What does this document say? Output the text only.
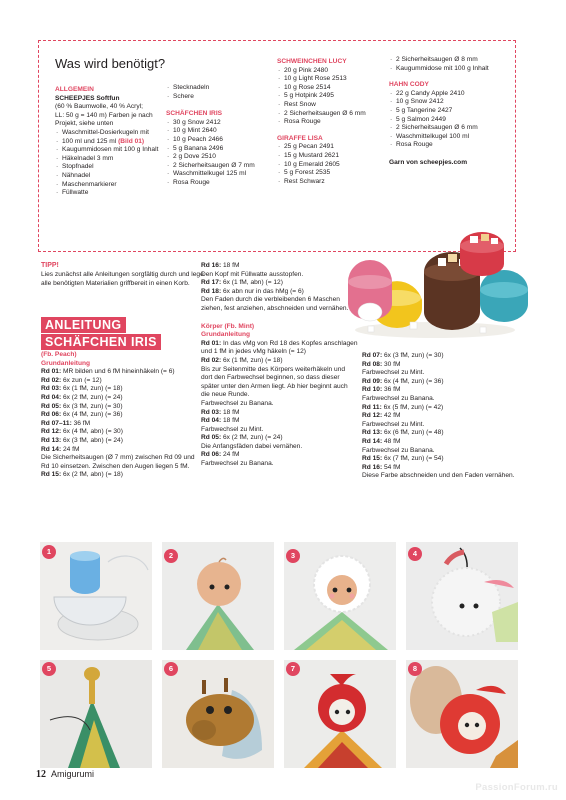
Was wird benötigt?
ALLGEMEIN
SCHEEPJES Softfun
(60 % Baumwolle, 40 % Acryl;
LL: 50 g = 140 m) Farben je nach
Projekt, siehe unten
· Waschmittel-Dosierkugeln mit
· 100 ml und 125 ml (Bild 01)
· Kaugummidosen mit 100 g Inhalt
· Häkelnadel 3 mm
· Stopfnadel
· Nähnadel
· Maschenmarkierer
· Füllwatte
· Stecknadeln
· Schere
SCHÄFCHEN IRIS
· 30 g Snow 2412
· 10 g Mint 2640
· 10 g Peach 2466
· 5 g Banana 2496
· 2 g Dove 2510
· 2 Sicherheitsaugen Ø 7 mm
· Waschmittelkugel 125 ml
· Rosa Rouge
SCHWEINCHEN LUCY
· 20 g Pink 2480
· 10 g Light Rose 2513
· 10 g Rose 2514
· 5 g Hotpink 2495
· Rest Snow
· 2 Sicherheitsaugen Ø 6 mm
· Rosa Rouge
GIRAFFE LISA
· 25 g Pecan 2491
· 15 g Mustard 2621
· 10 g Emerald 2605
· 5 g Forest 2535
· Rest Schwarz
· 2 Sicherheitsaugen Ø 8 mm
· Kaugummidose mit 100 g Inhalt
HAHN CODY
· 22 g Candy Apple 2410
· 10 g Snow 2412
· 5 g Tangerine 2427
· 5 g Salmon 2449
· 2 Sicherheitsaugen Ø 6 mm
· Waschmittelkugel 100 ml
· Rosa Rouge
Garn von scheepjes.com
TIPP!
Lies zunächst alle Anleitungen sorgfältig durch und lege alle benötigten Materialien griffbereit in einen Korb.
ANLEITUNG
SCHÄFCHEN IRIS
(Fb. Peach)
Grundanleitung
Rd 01: MR bilden und 6 fM hineinhäkeln (= 6)
Rd 02: 6x zun (= 12)
Rd 03: 6x (1 fM, zun) (= 18)
Rd 04: 6x (2 fM, zun) (= 24)
Rd 05: 6x (3 fM, zun) (= 30)
Rd 06: 6x (4 fM, zun) (= 36)
Rd 07–11: 36 fM
Rd 12: 6x (4 fM, abn) (= 30)
Rd 13: 6x (3 fM, abn) (= 24)
Rd 14: 24 fM
Die Sicherheitsaugen (Ø 7 mm) zwischen Rd 09 und Rd 10 einsetzen. Zwischen den Augen liegen 5 fM.
Rd 15: 6x (2 fM, abn) (= 18)
Rd 16: 18 fM
Den Kopf mit Füllwatte ausstopfen.
Rd 17: 6x (1 fM, abn) (= 12)
Rd 18: 6x abn nur in das hMg (= 6)
Den Faden durch die verbleibenden 6 Maschen ziehen, fest anziehen, abschneiden und vernähen.
Körper (Fb. Mint)
Grundanleitung
Rd 01: In das vMg von Rd 18 des Kopfes anschlagen und 1 fM in jedes vMg häkeln (= 12)
Rd 02: 6x (1 fM, zun) (= 18)
Bis zur Seitenmitte des Körpers weiterhäkeln und dort den Farbwechsel beginnen, so dass dieser später unter den Armen liegt. Ab hier beginnt auch die neue Runde.
Farbwechsel zu Banana.
Rd 03: 18 fM
Rd 04: 18 fM
Farbwechsel zu Mint.
Rd 05: 6x (2 fM, zun) (= 24)
Die Anfangsfäden dabei vernähen.
Rd 06: 24 fM
Farbwechsel zu Banana.
Rd 07: 6x (3 fM, zun) (= 30)
Rd 08: 30 fM
Farbwechsel zu Mint.
Rd 09: 6x (4 fM, zun) (= 36)
Rd 10: 36 fM
Farbwechsel zu Banana.
Rd 11: 6x (5 fM, zun) (= 42)
Rd 12: 42 fM
Farbwechsel zu Mint.
Rd 13: 6x (6 fM, zun) (= 48)
Rd 14: 48 fM
Farbwechsel zu Banana.
Rd 15: 6x (7 fM, zun) (= 54)
Rd 16: 54 fM
Diese Farbe abschneiden und den Faden vernähen.
1	2	3	4
5	6	7	8
12 Amigurumi
PassionForum.ru
